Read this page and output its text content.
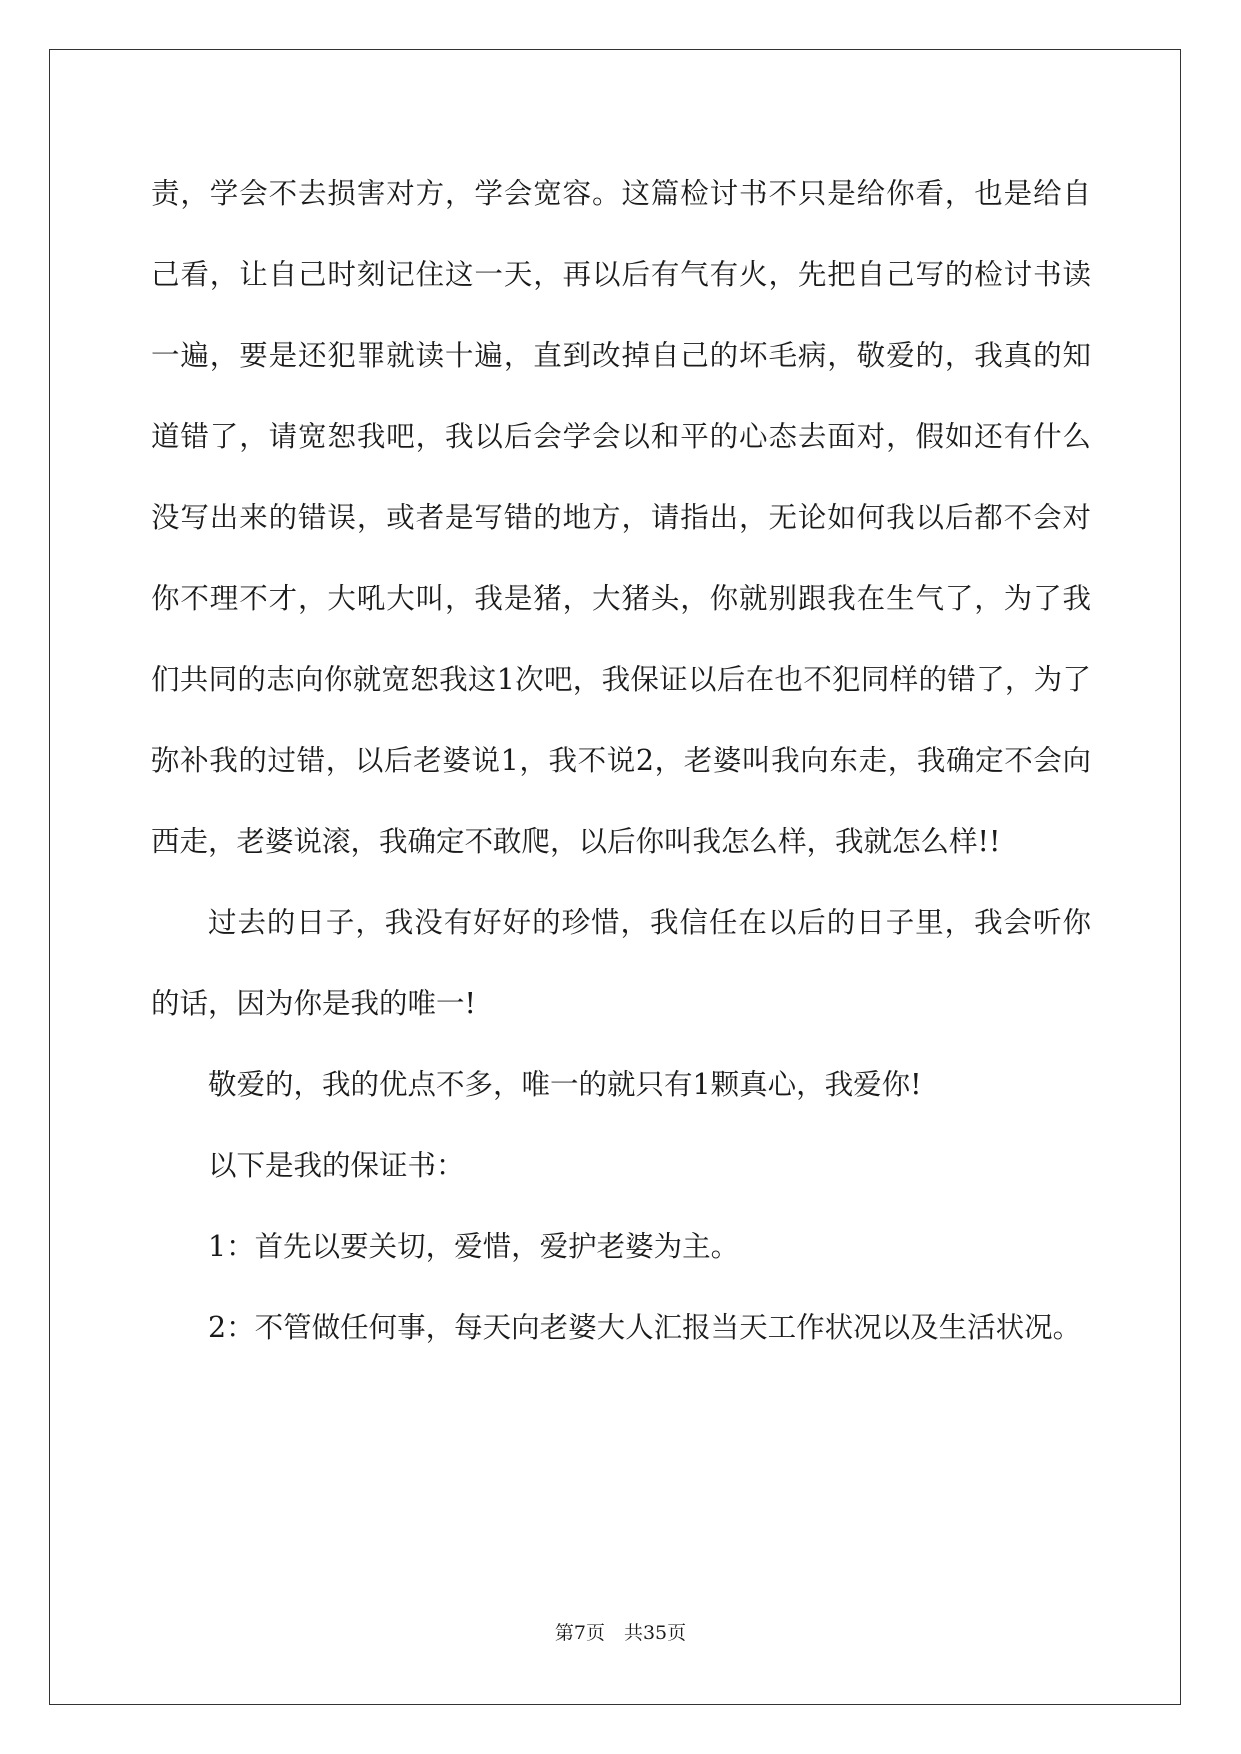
责，学会不去损害对方，学会宽容。这篇检讨书不只是给你看，也是给自己看，让自己时刻记住这一天，再以后有气有火，先把自己写的检讨书读一遍，要是还犯罪就读十遍，直到改掉自己的坏毛病，敬爱的，我真的知道错了，请宽恕我吧，我以后会学会以和平的心态去面对，假如还有什么没写出来的错误，或者是写错的地方，请指出，无论如何我以后都不会对你不理不才，大吼大叫，我是猪，大猪头，你就别跟我在生气了，为了我们共同的志向你就宽恕我这1次吧，我保证以后在也不犯同样的错了，为了弥补我的过错，以后老婆说1，我不说2，老婆叫我向东走，我确定不会向西走，老婆说滚，我确定不敢爬，以后你叫我怎么样，我就怎么样!!

过去的日子，我没有好好的珍惜，我信任在以后的日子里，我会听你的话，因为你是我的唯一!

敬爱的，我的优点不多，唯一的就只有1颗真心，我爱你!

以下是我的保证书：

1：首先以要关切，爱惜，爱护老婆为主。

2：不管做任何事，每天向老婆大人汇报当天工作状况以及生活状况。

第7页　共35页
